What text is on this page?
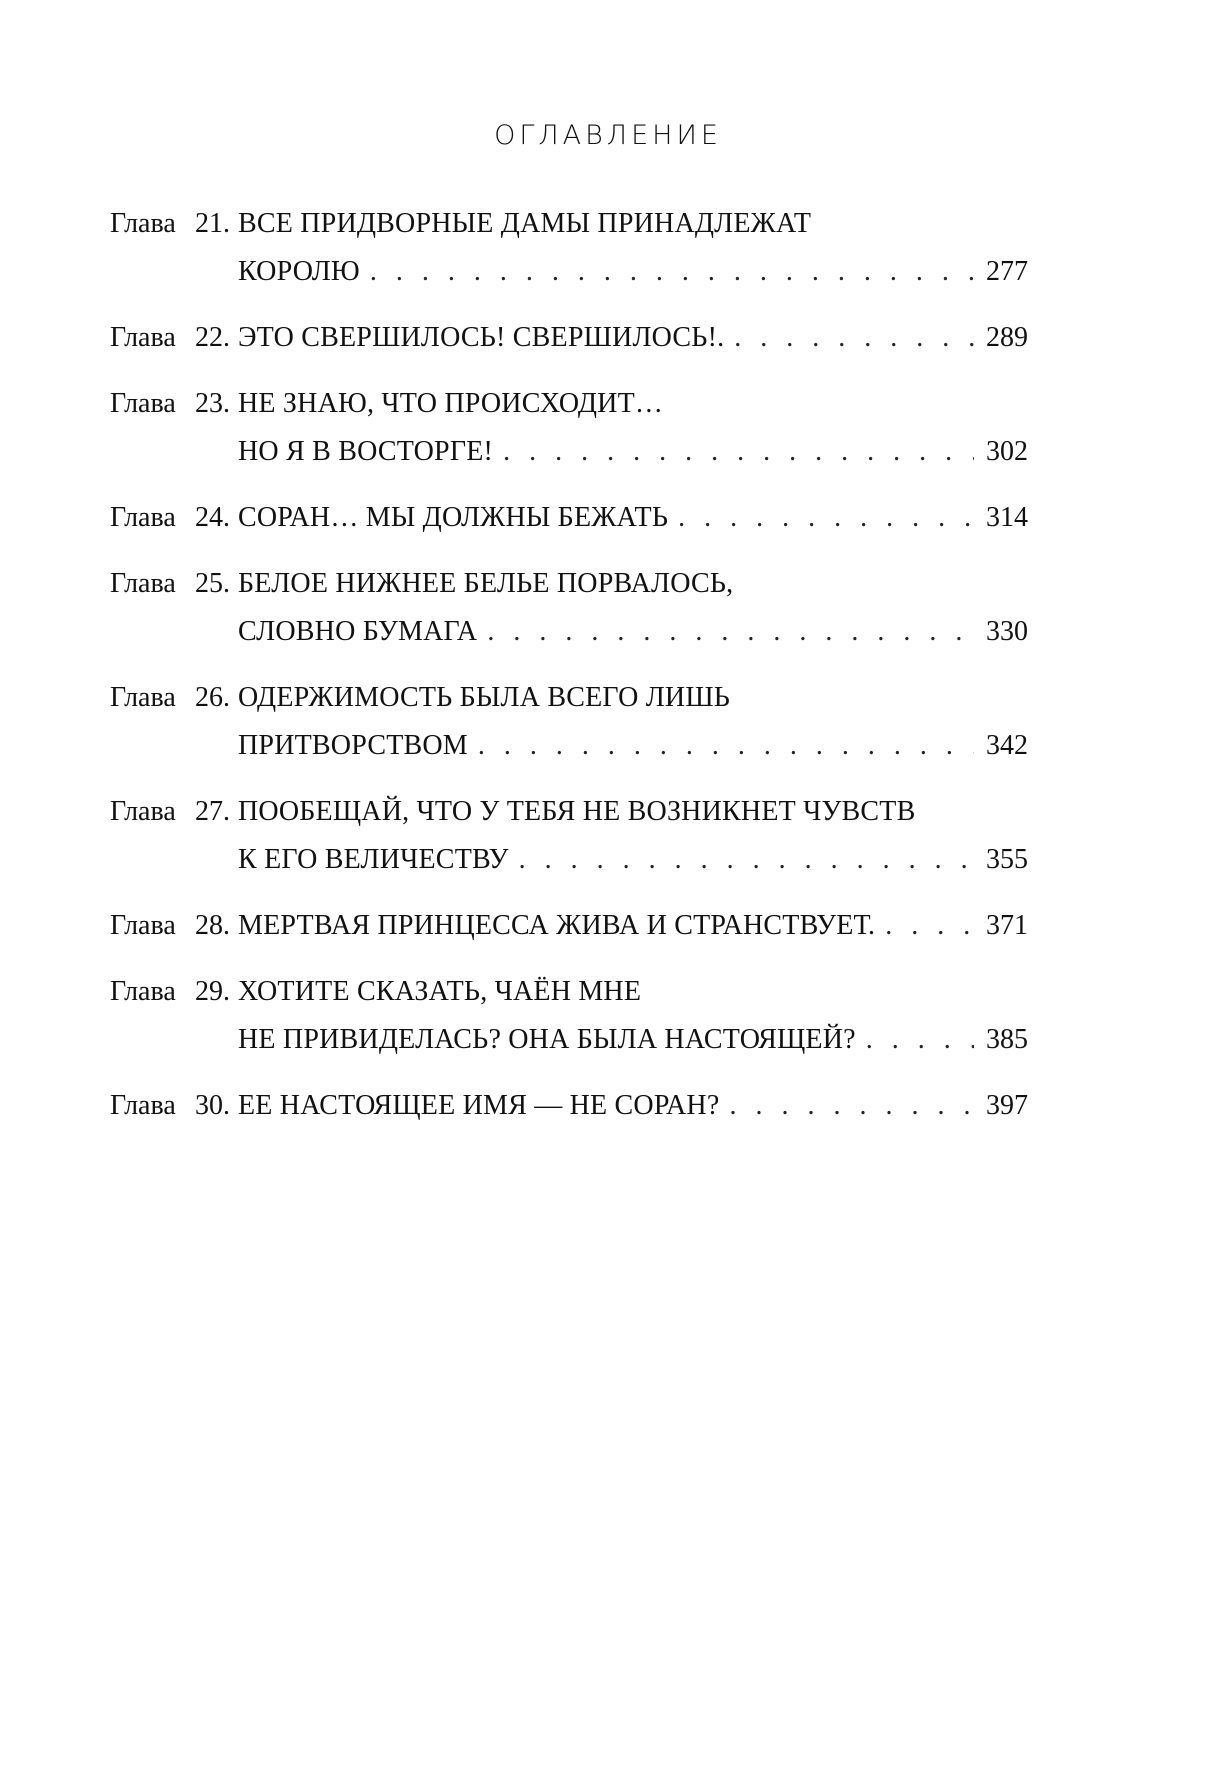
ОГЛАВЛЕНИЕ
Глава 21. ВСЕ ПРИДВОРНЫЕ ДАМЫ ПРИНАДЛЕЖАТ
КОРОЛЮ . . .	277
Глава 22. ЭТО СВЕРШИЛОСЬ! СВЕРШИЛОСЬ!. . . .	289
Глава 23. НЕ ЗНАЮ, ЧТО ПРОИСХОДИТ…
НО Я В ВОСТОРГЕ! . . .	302
Глава 24. СОРАН… МЫ ДОЛЖНЫ БЕЖАТЬ . . .	314
Глава 25. БЕЛОЕ НИЖНЕЕ БЕЛЬЕ ПОРВАЛОСЬ,
СЛОВНО БУМАГА . . .	330
Глава 26. ОДЕРЖИМОСТЬ БЫЛА ВСЕГО ЛИШЬ
ПРИТВОРСТВОМ . . .	342
Глава 27. ПООБЕЩАЙ, ЧТО У ТЕБЯ НЕ ВОЗНИКНЕТ ЧУВСТВ
К ЕГО ВЕЛИЧЕСТВУ . . .	355
Глава 28. МЕРТВАЯ ПРИНЦЕССА ЖИВА И СТРАНСТВУЕТ. . . .	371
Глава 29. ХОТИТЕ СКАЗАТЬ, ЧАЁН МНЕ
НЕ ПРИВИДЕЛАСЬ? ОНА БЫЛА НАСТОЯЩЕЙ? . . .	385
Глава 30. ЕЕ НАСТОЯЩЕЕ ИМЯ — НЕ СОРАН? . . .	397
